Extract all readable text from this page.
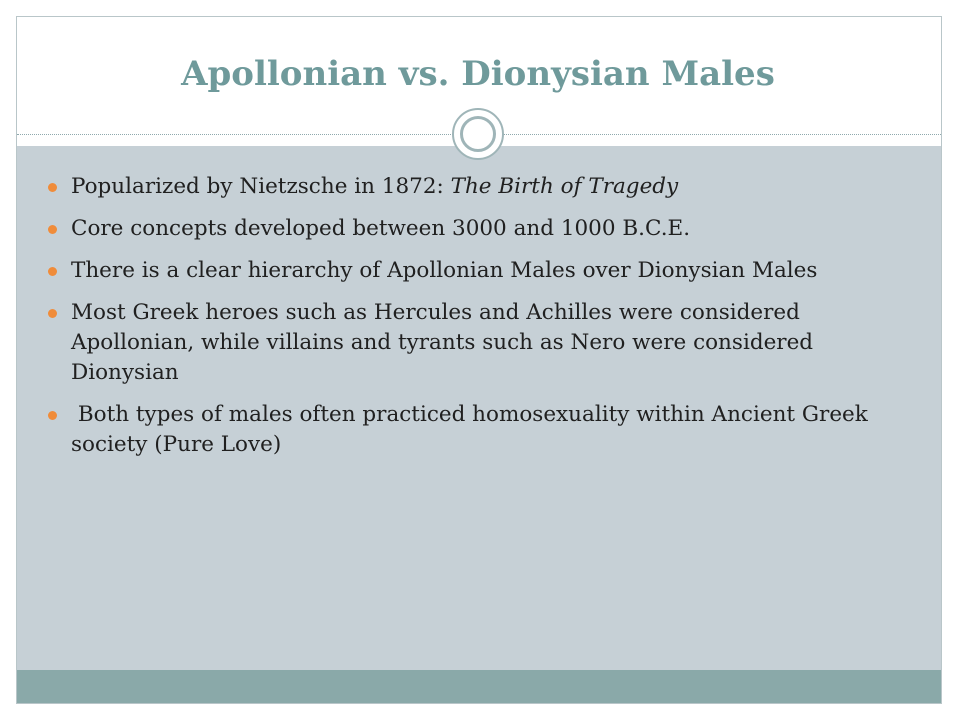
Apollonian vs. Dionysian Males
Popularized by Nietzsche in 1872: The Birth of Tragedy
Core concepts developed between 3000 and 1000 B.C.E.
There is a clear hierarchy of Apollonian Males over Dionysian Males
Most Greek heroes such as Hercules and Achilles were considered Apollonian, while villains and tyrants such as Nero were considered Dionysian
Both types of males often practiced homosexuality within Ancient Greek society (Pure Love)
